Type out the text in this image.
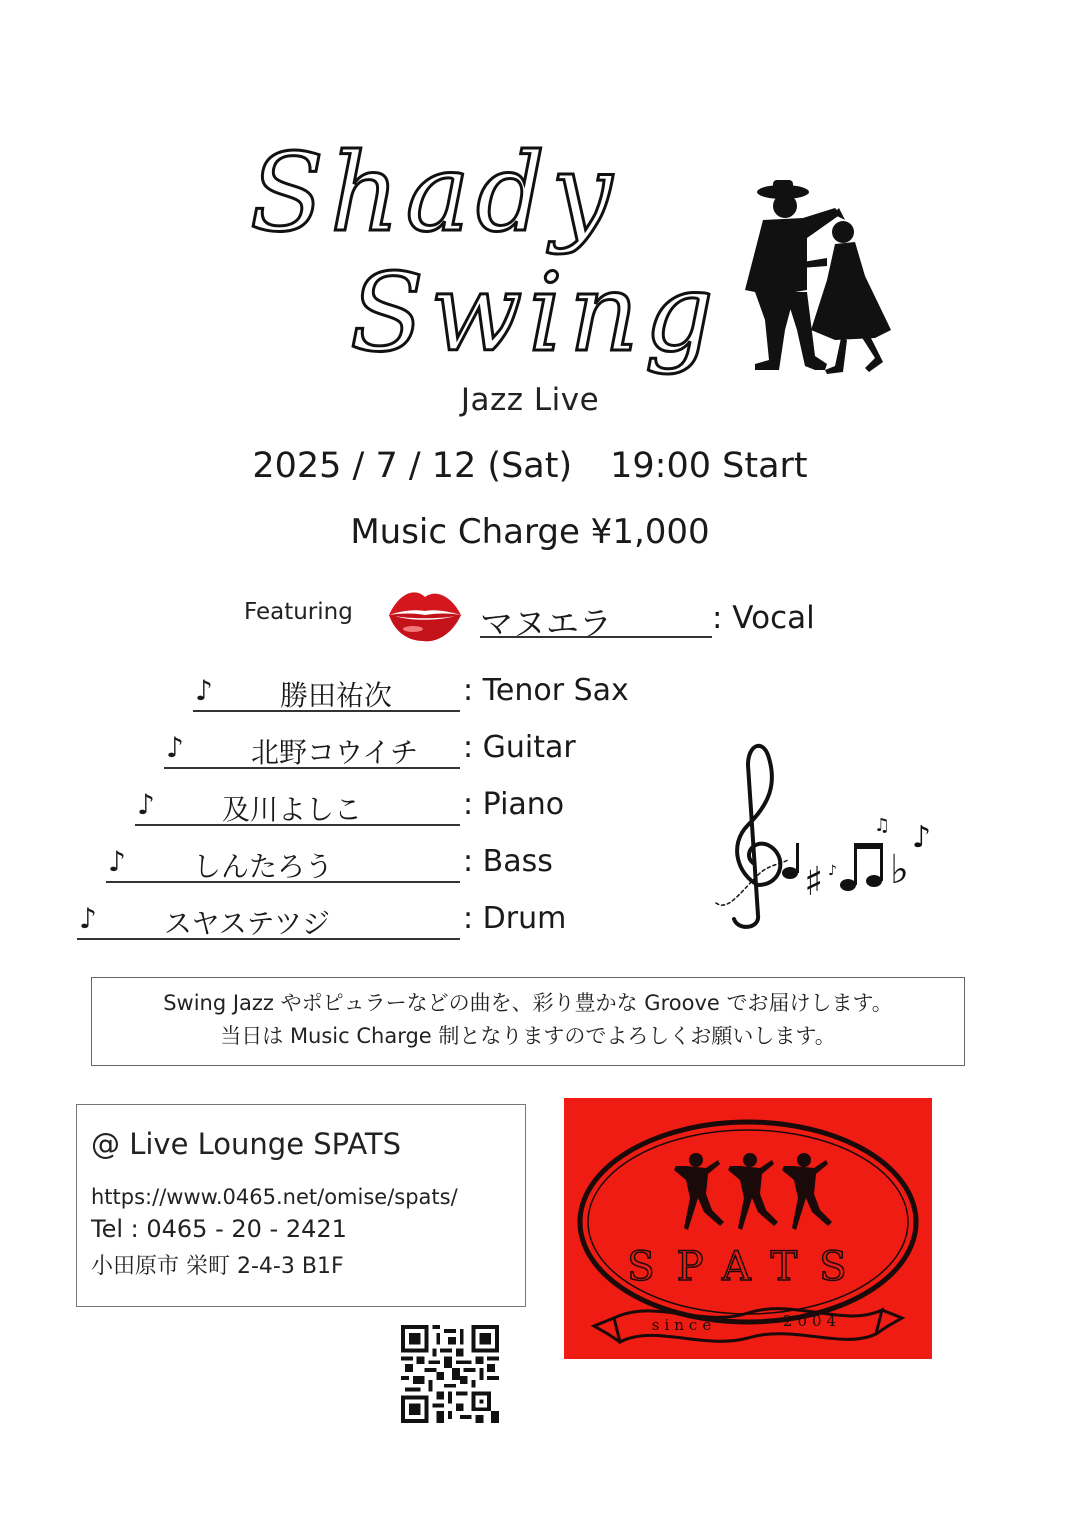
Shady
Swing
Jazz Live
2025 / 7 / 12 (Sat) 19:00 Start
Music Charge ¥1,000
Featuring	マヌエラ	: Vocal
♪ 勝田祐次 : Tenor Sax
♪ 北野コウイチ : Guitar
♪ 及川よしこ	: Piano
♪ しんたろう	: Bass
♪ スヤステツジ	: Drum
♯ ♭
♪
♫
♪
Swing Jazz やポピュラーなどの曲を、彩り豊かな Groove でお届けします。
当日は Music Charge 制となりますのでよろしくお願いします。
@ Live Lounge SPATS
https://www.0465.net/omise/spats/
Tel : 0465 - 20 - 2421
小田原市 栄町 2-4-3 B1F	SPATS
since	2004
